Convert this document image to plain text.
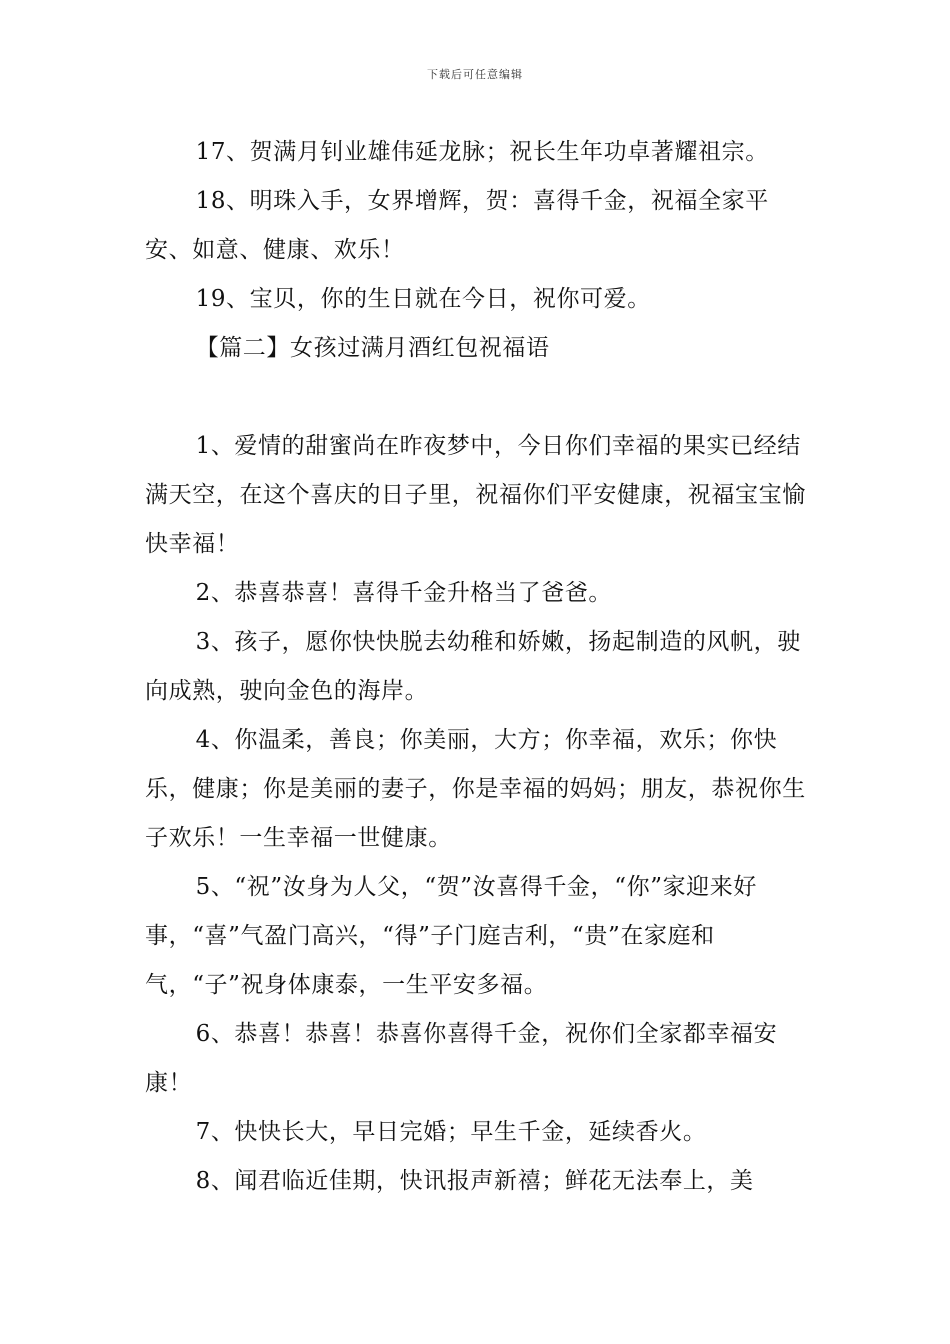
下载后可任意编辑

17、贺满月钊业雄伟延龙脉；祝长生年功卓著耀祖宗。

18、明珠入手，女界增辉，贺：喜得千金，祝福全家平安、如意、健康、欢乐！

19、宝贝，你的生日就在今日，祝你可爱。

【篇二】女孩过满月酒红包祝福语

1、爱情的甜蜜尚在昨夜梦中，今日你们幸福的果实已经结满天空，在这个喜庆的日子里，祝福你们平安健康，祝福宝宝愉快幸福！

2、恭喜恭喜！喜得千金升格当了爸爸。

3、孩子，愿你快快脱去幼稚和娇嫩，扬起制造的风帆，驶向成熟，驶向金色的海岸。

4、你温柔，善良；你美丽，大方；你幸福，欢乐；你快乐，健康；你是美丽的妻子，你是幸福的妈妈；朋友，恭祝你生子欢乐！一生幸福一世健康。

5、“祝”汝身为人父，“贺”汝喜得千金，“你”家迎来好事，“喜”气盈门高兴，“得”子门庭吉利，“贵”在家庭和气，“子”祝身体康泰，一生平安多福。

6、恭喜！恭喜！恭喜你喜得千金，祝你们全家都幸福安康！

7、快快长大，早日完婚；早生千金，延续香火。

8、闻君临近佳期，快讯报声新禧；鲜花无法奉上，美
